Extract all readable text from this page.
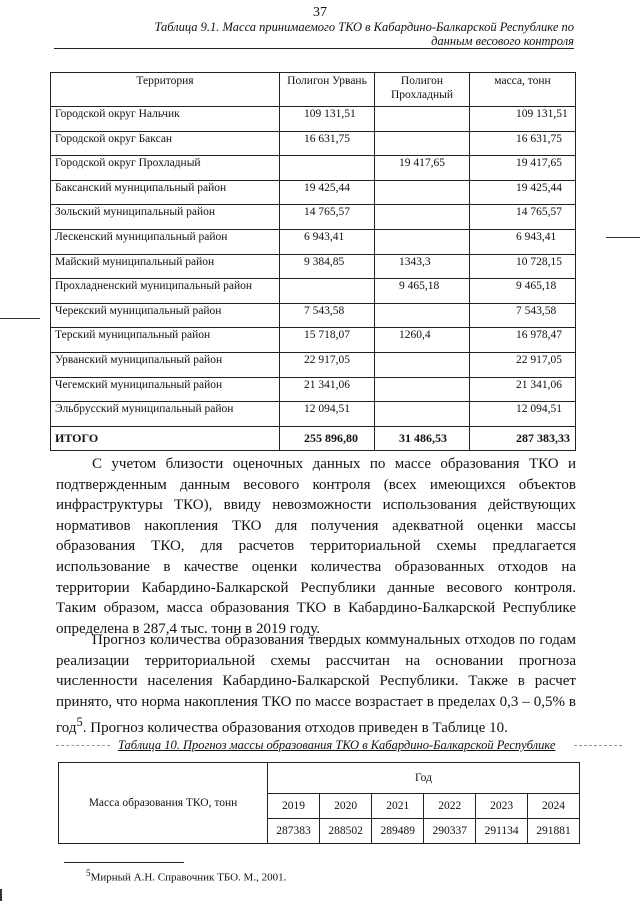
37
Таблица 9.1. Масса принимаемого ТКО в Кабардино-Балкарской Республике по
данным весового контроля
Территория	Полигон Урвань	Полигон Прохладный	масса, тонн
Городской округ Нальчик	109 131,51		109 131,51
Городской округ Баксан	16 631,75		16 631,75
Городской округ Прохладный		19 417,65	19 417,65
Баксанский муниципальный район	19 425,44		19 425,44
Зольский муниципальный район	14 765,57		14 765,57
Лескенский муниципальный район	6 943,41		6 943,41
Майский муниципальный район	9 384,85	1343,3	10 728,15
Прохладненский муниципальный район		9 465,18	9 465,18
Черекский муниципальный район	7 543,58		7 543,58
Терский муниципальный район	15 718,07	1260,4	16 978,47
Урванский муниципальный район	22 917,05		22 917,05
Чегемский муниципальный район	21 341,06		21 341,06
Эльбрусский муниципальный район	12 094,51		12 094,51
ИТОГО	255 896,80	31 486,53	287 383,33

С учетом близости оценочных данных по массе образования ТКО и подтвержденным данным весового контроля (всех имеющихся объектов инфраструктуры ТКО), ввиду невозможности использования действующих нормативов накопления ТКО для получения адекватной оценки массы образования ТКО, для расчетов территориальной схемы предлагается использование в качестве оценки количества образованных отходов на территории Кабардино-Балкарской Республики данные весового контроля. Таким образом, масса образования ТКО в Кабардино-Балкарской Республике определена в 287,4 тыс. тонн в 2019 году.

Прогноз количества образования твердых коммунальных отходов по годам реализации территориальной схемы рассчитан на основании прогноза численности населения Кабардино-Балкарской Республики. Также в расчет принято, что норма накопления ТКО по массе возрастает в пределах 0,3 – 0,5% в год$^5$. Прогноз количества образования отходов приведен в Таблице 10.

Таблица 10. Прогноз массы образования ТКО в Кабардино-Балкарской Республике
Масса образования ТКО, тонн	Год					
	2019	2020	2021	2022	2023	2024
	287383	288502	289489	290337	291134	291881
$^5$Мирный А.Н. Справочник ТБО. М., 2001.
